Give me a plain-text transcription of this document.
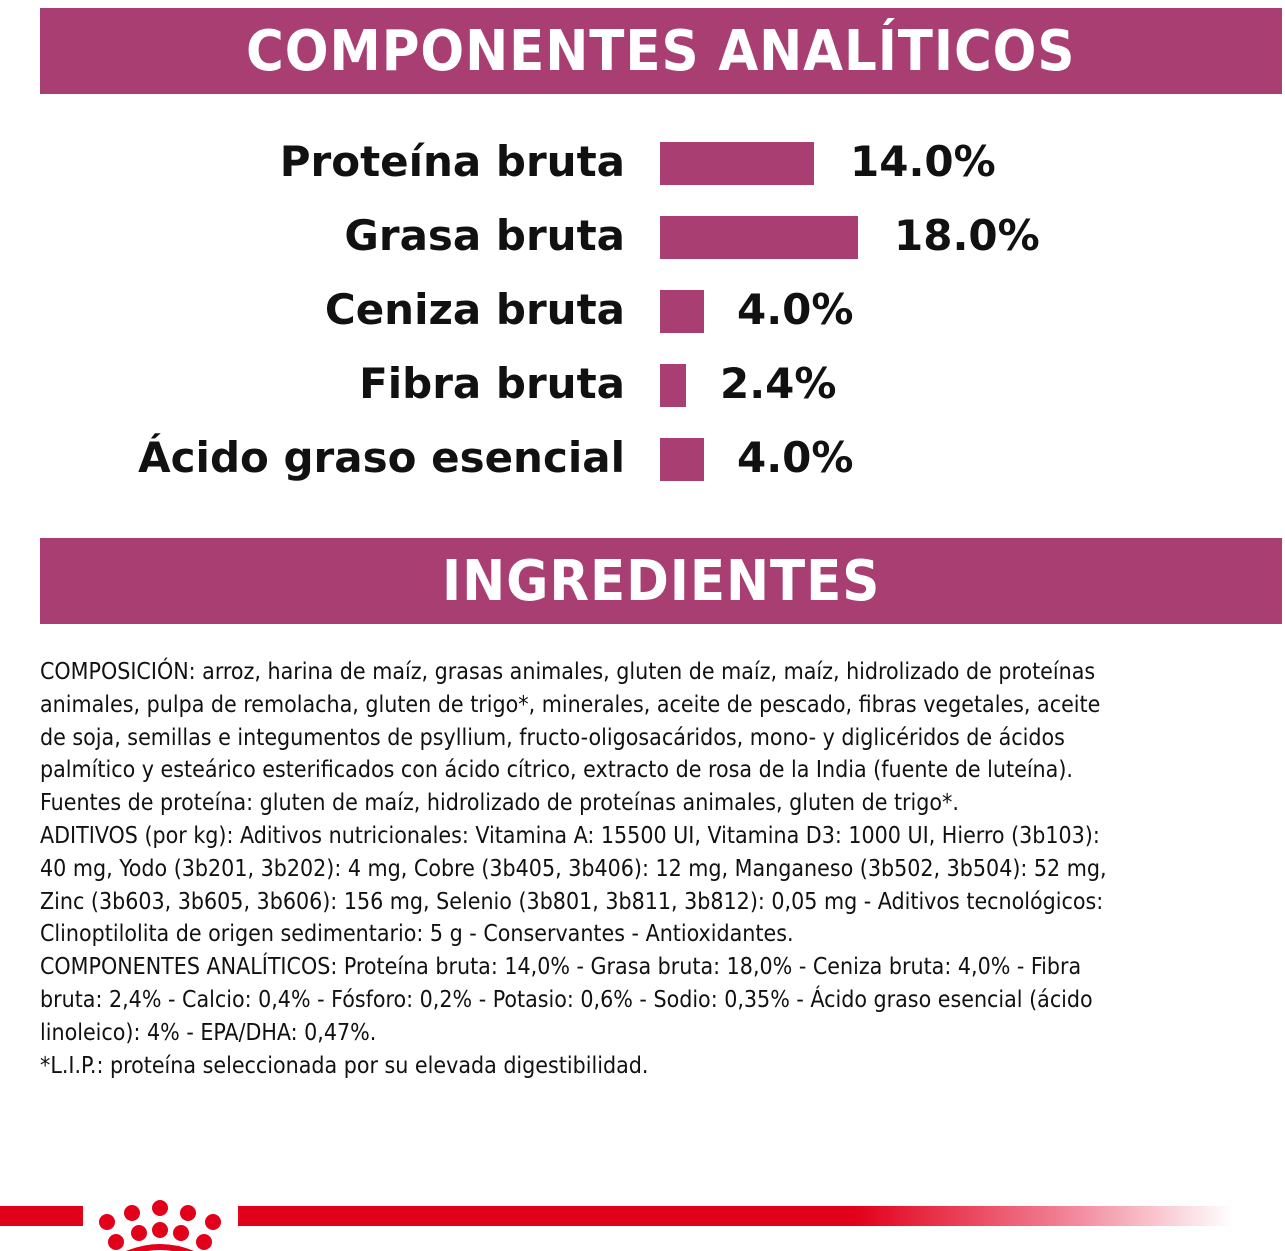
COMPONENTES ANALÍTICOS
Proteína bruta	14.0%
Grasa bruta	18.0%
Ceniza bruta	4.0%
Fibra bruta 2.4%
Ácido graso esencial	4.0%
INGREDIENTES

COMPOSICIÓN: arroz, harina de maíz, grasas animales, gluten de maíz, maíz, hidrolizado de proteínas

animales, pulpa de remolacha, gluten de trigo*, minerales, aceite de pescado, fibras vegetales, aceite

de soja, semillas e integumentos de psyllium, fructo-oligosacáridos, mono- y diglicéridos de ácidos

palmítico y esteárico esterificados con ácido cítrico, extracto de rosa de la India (fuente de luteína).

Fuentes de proteína: gluten de maíz, hidrolizado de proteínas animales, gluten de trigo*.

ADITIVOS (por kg): Aditivos nutricionales: Vitamina A: 15500 UI, Vitamina D3: 1000 UI, Hierro (3b103):

40 mg, Yodo (3b201, 3b202): 4 mg, Cobre (3b405, 3b406): 12 mg, Manganeso (3b502, 3b504): 52 mg,

Zinc (3b603, 3b605, 3b606): 156 mg, Selenio (3b801, 3b811, 3b812): 0,05 mg - Aditivos tecnológicos:

Clinoptilolita de origen sedimentario: 5 g - Conservantes - Antioxidantes.

COMPONENTES ANALÍTICOS: Proteína bruta: 14,0% - Grasa bruta: 18,0% - Ceniza bruta: 4,0% - Fibra

bruta: 2,4% - Calcio: 0,4% - Fósforo: 0,2% - Potasio: 0,6% - Sodio: 0,35% - Ácido graso esencial (ácido

linoleico): 4% - EPA/DHA: 0,47%.

*L.I.P.: proteína seleccionada por su elevada digestibilidad.
